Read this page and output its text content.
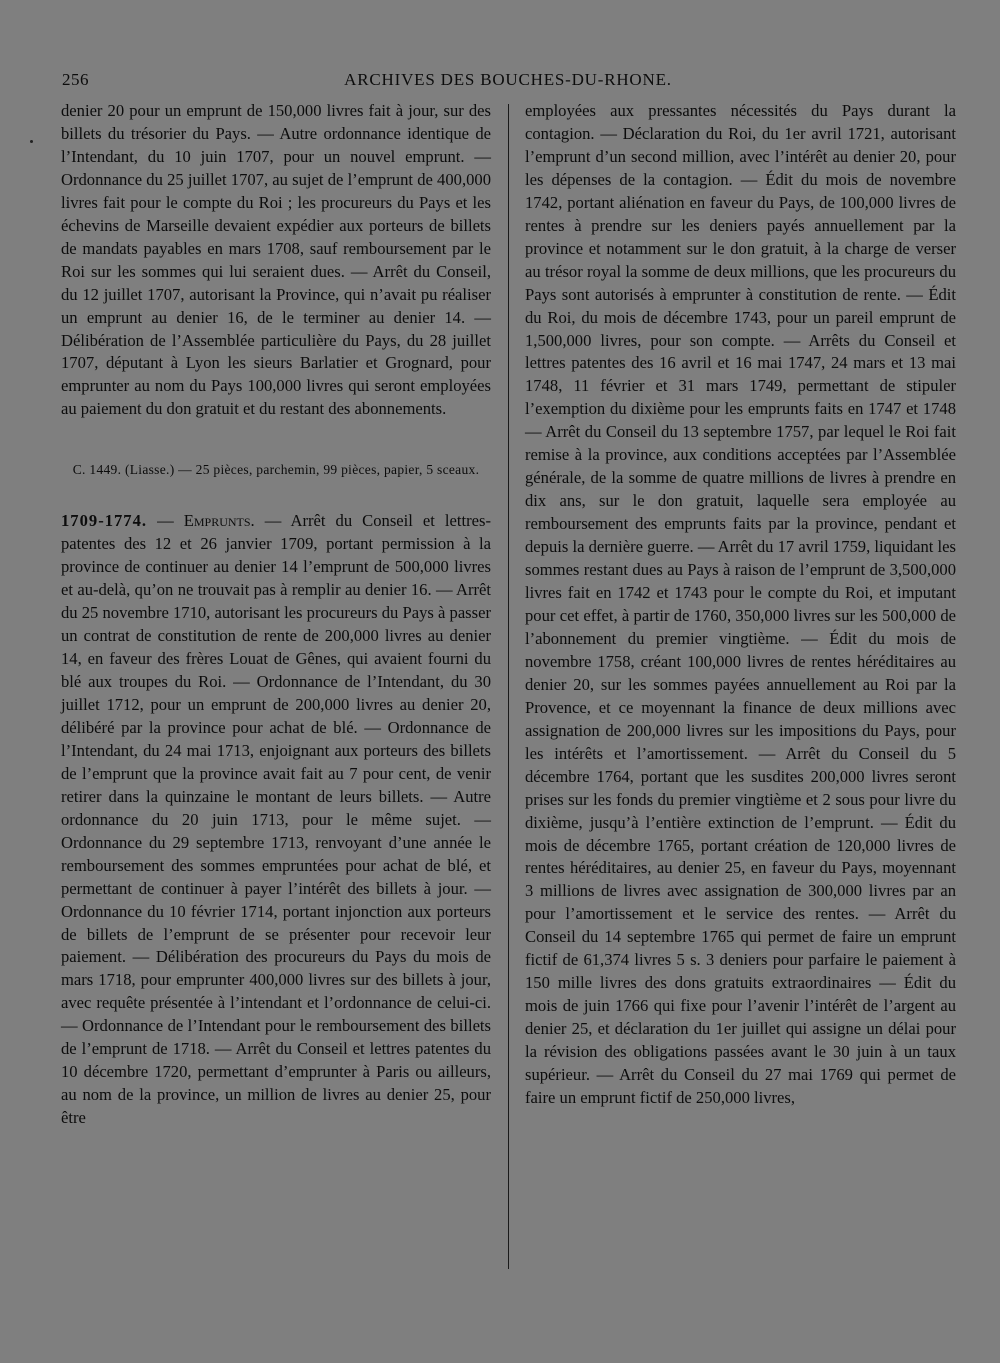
256	ARCHIVES DES BOUCHES-DU-RHONE.

denier 20 pour un emprunt de 150,000 livres fait à jour, sur des billets du trésorier du Pays. — Autre ordonnance identique de l’Intendant, du 10 juin 1707, pour un nouvel emprunt. — Ordonnance du 25 juillet 1707, au sujet de l’emprunt de 400,000 livres fait pour le compte du Roi ; les procureurs du Pays et les échevins de Marseille devaient expédier aux porteurs de billets de mandats payables en mars 1708, sauf remboursement par le Roi sur les sommes qui lui seraient dues. — Arrêt du Conseil, du 12 juillet 1707, autorisant la Province, qui n’avait pu réaliser un emprunt au denier 16, de le terminer au denier 14. — Délibération de l’Assemblée particulière du Pays, du 28 juillet 1707, députant à Lyon les sieurs Barlatier et Grognard, pour emprunter au nom du Pays 100,000 livres qui seront employées au paiement du don gratuit et du restant des abonnements.

C. 1449. (Liasse.) — 25 pièces, parchemin, 99 pièces, papier, 5 sceaux.

1709-1774. — Emprunts. — Arrêt du Conseil et lettres-patentes des 12 et 26 janvier 1709, portant permission à la province de continuer au denier 14 l’emprunt de 500,000 livres et au-delà, qu’on ne trouvait pas à remplir au denier 16. — Arrêt du 25 novembre 1710, autorisant les procureurs du Pays à passer un contrat de constitution de rente de 200,000 livres au denier 14, en faveur des frères Louat de Gênes, qui avaient fourni du blé aux troupes du Roi. — Ordonnance de l’Intendant, du 30 juillet 1712, pour un emprunt de 200,000 livres au denier 20, délibéré par la province pour achat de blé. — Ordonnance de l’Intendant, du 24 mai 1713, enjoignant aux porteurs des billets de l’emprunt que la province avait fait au 7 pour cent, de venir retirer dans la quinzaine le montant de leurs billets. — Autre ordonnance du 20 juin 1713, pour le même sujet. — Ordonnance du 29 septembre 1713, renvoyant d’une année le remboursement des sommes empruntées pour achat de blé, et permettant de continuer à payer l’intérêt des billets à jour. — Ordonnance du 10 février 1714, portant injonction aux porteurs de billets de l’emprunt de se présenter pour recevoir leur paiement. — Délibération des procureurs du Pays du mois de mars 1718, pour emprunter 400,000 livres sur des billets à jour, avec requête présentée à l’intendant et l’ordonnance de celui-ci. — Ordonnance de l’Intendant pour le remboursement des billets de l’emprunt de 1718. — Arrêt du Conseil et lettres patentes du 10 décembre 1720, permettant d’emprunter à Paris ou ailleurs, au nom de la province, un million de livres au denier 25, pour être

employées aux pressantes nécessités du Pays durant la contagion. — Déclaration du Roi, du 1er avril 1721, autorisant l’emprunt d’un second million, avec l’intérêt au denier 20, pour les dépenses de la contagion. — Édit du mois de novembre 1742, portant aliénation en faveur du Pays, de 100,000 livres de rentes à prendre sur les deniers payés annuellement par la province et notamment sur le don gratuit, à la charge de verser au trésor royal la somme de deux millions, que les procureurs du Pays sont autorisés à emprunter à constitution de rente. — Édit du Roi, du mois de décembre 1743, pour un pareil emprunt de 1,500,000 livres, pour son compte. — Arrêts du Conseil et lettres patentes des 16 avril et 16 mai 1747, 24 mars et 13 mai 1748, 11 février et 31 mars 1749, permettant de stipuler l’exemption du dixième pour les emprunts faits en 1747 et 1748 — Arrêt du Conseil du 13 septembre 1757, par lequel le Roi fait remise à la province, aux conditions acceptées par l’Assemblée générale, de la somme de quatre millions de livres à prendre en dix ans, sur le don gratuit, laquelle sera employée au remboursement des emprunts faits par la province, pendant et depuis la dernière guerre. — Arrêt du 17 avril 1759, liquidant les sommes restant dues au Pays à raison de l’emprunt de 3,500,000 livres fait en 1742 et 1743 pour le compte du Roi, et imputant pour cet effet, à partir de 1760, 350,000 livres sur les 500,000 de l’abonnement du premier vingtième. — Édit du mois de novembre 1758, créant 100,000 livres de rentes héréditaires au denier 20, sur les sommes payées annuellement au Roi par la Provence, et ce moyennant la finance de deux millions avec assignation de 200,000 livres sur les impositions du Pays, pour les intérêts et l’amortissement. — Arrêt du Conseil du 5 décembre 1764, portant que les susdites 200,000 livres seront prises sur les fonds du premier vingtième et 2 sous pour livre du dixième, jusqu’à l’entière extinction de l’emprunt. — Édit du mois de décembre 1765, portant création de 120,000 livres de rentes héréditaires, au denier 25, en faveur du Pays, moyennant 3 millions de livres avec assignation de 300,000 livres par an pour l’amortissement et le service des rentes. — Arrêt du Conseil du 14 septembre 1765 qui permet de faire un emprunt fictif de 61,374 livres 5 s. 3 deniers pour parfaire le paiement à 150 mille livres des dons gratuits extraordinaires — Édit du mois de juin 1766 qui fixe pour l’avenir l’intérêt de l’argent au denier 25, et déclaration du 1er juillet qui assigne un délai pour la révision des obligations passées avant le 30 juin à un taux supérieur. — Arrêt du Conseil du 27 mai 1769 qui permet de faire un emprunt fictif de 250,000 livres,
